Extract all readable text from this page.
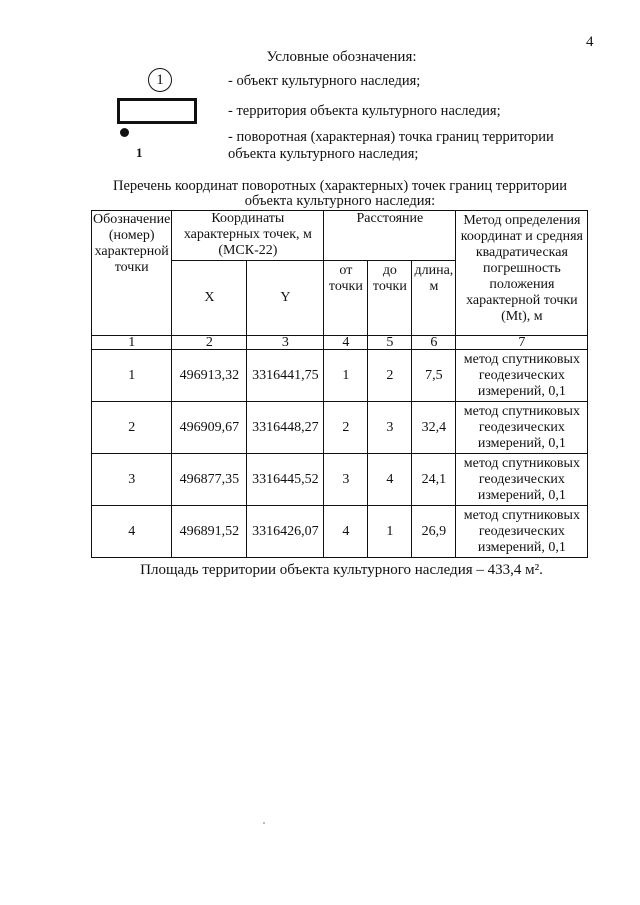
4
Условные обозначения:
1	- объект культурного наследия;
- территория объекта культурного наследия;
1
- поворотная (характерная) точка границ территории объекта культурного наследия;
Перечень координат поворотных (характерных) точек границ территории объекта культурного наследия:
Обозначение (номер) характерной точки	Координаты характерных точек, м (МСК-22)		Расстояние			Метод определения координат и средняя квадратическая погрешность положения характерной точки (Mt), м
	X	Y	от точки	до точки	длина, м	
1	2	3	4	5	6	7
1	496913,32	3316441,75	1	2	7,5	метод спутниковых геодезических измерений, 0,1
2	496909,67	3316448,27	2	3	32,4	метод спутниковых геодезических измерений, 0,1
3	496877,35	3316445,52	3	4	24,1	метод спутниковых геодезических измерений, 0,1
4	496891,52	3316426,07	4	1	26,9	метод спутниковых геодезических измерений, 0,1
Площадь территории объекта культурного наследия – 433,4 м².
